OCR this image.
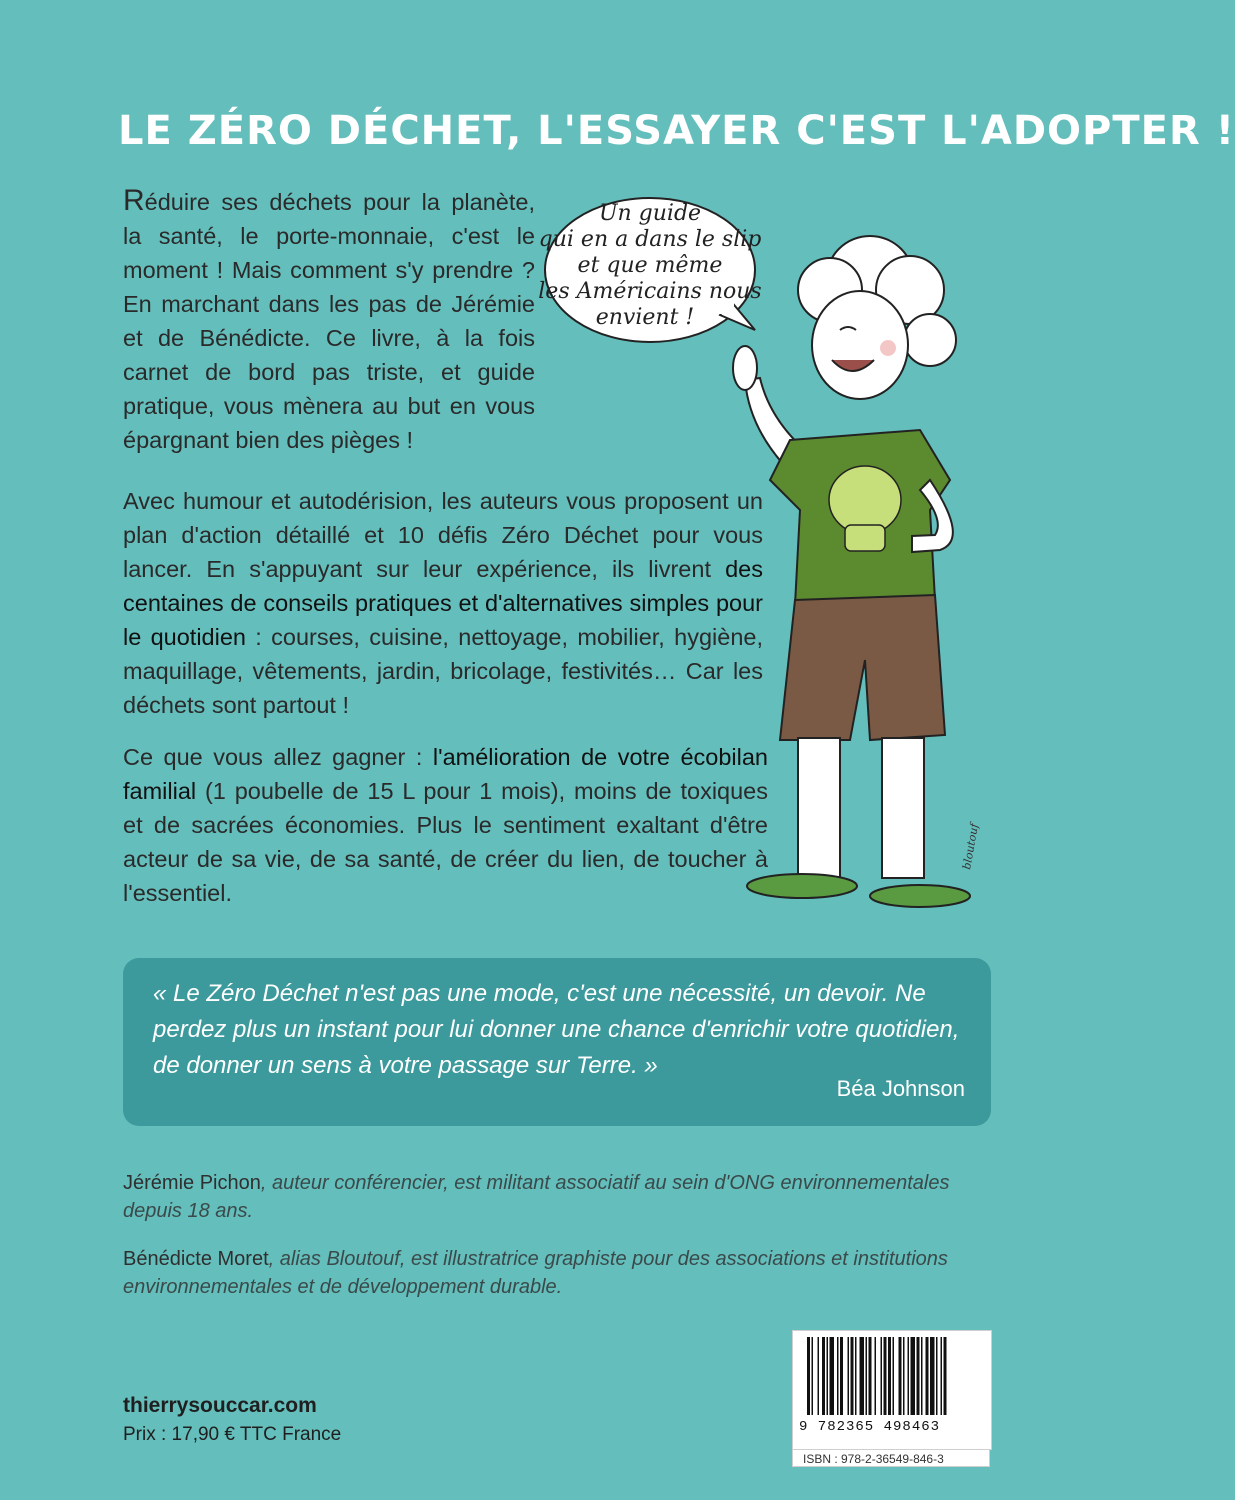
LE ZÉRO DÉCHET, L'ESSAYER C'EST L'ADOPTER !

Réduire ses déchets pour la planète, la santé, le porte-monnaie, c'est le moment ! Mais comment s'y prendre ? En marchant dans les pas de Jérémie et de Bénédicte. Ce livre, à la fois carnet de bord pas triste, et guide pratique, vous mènera au but en vous épargnant bien des pièges !

Avec humour et autodérision, les auteurs vous proposent un plan d'action détaillé et 10 défis Zéro Déchet pour vous lancer. En s'appuyant sur leur expérience, ils livrent des centaines de conseils pratiques et d'alternatives simples pour le quotidien : courses, cuisine, nettoyage, mobilier, hygiène, maquillage, vêtements, jardin, bricolage, festivités… Car les déchets sont partout !

Ce que vous allez gagner : l'amélioration de votre écobilan familial (1 poubelle de 15 L pour 1 mois), moins de toxiques et de sacrées économies. Plus le sentiment exaltant d'être acteur de sa vie, de sa santé, de créer du lien, de toucher à l'essentiel.

Un guide
qui en a dans le slip
et que même
les Américains nous
envient !
bloutouf

« Le Zéro Déchet n'est pas une mode, c'est une nécessité, un devoir. Ne perdez plus un instant pour lui donner une chance d'enrichir votre quotidien, de donner un sens à votre passage sur Terre. »

Béa Johnson

Jérémie Pichon, auteur conférencier, est militant associatif au sein d'ONG environnementales depuis 18 ans.

Bénédicte Moret, alias Bloutouf, est illustratrice graphiste pour des associations et institutions environnementales et de développement durable.

thierrysouccar.com
Prix : 17,90 € TTC France	9 782365 498463
ISBN : 978-2-36549-846-3
